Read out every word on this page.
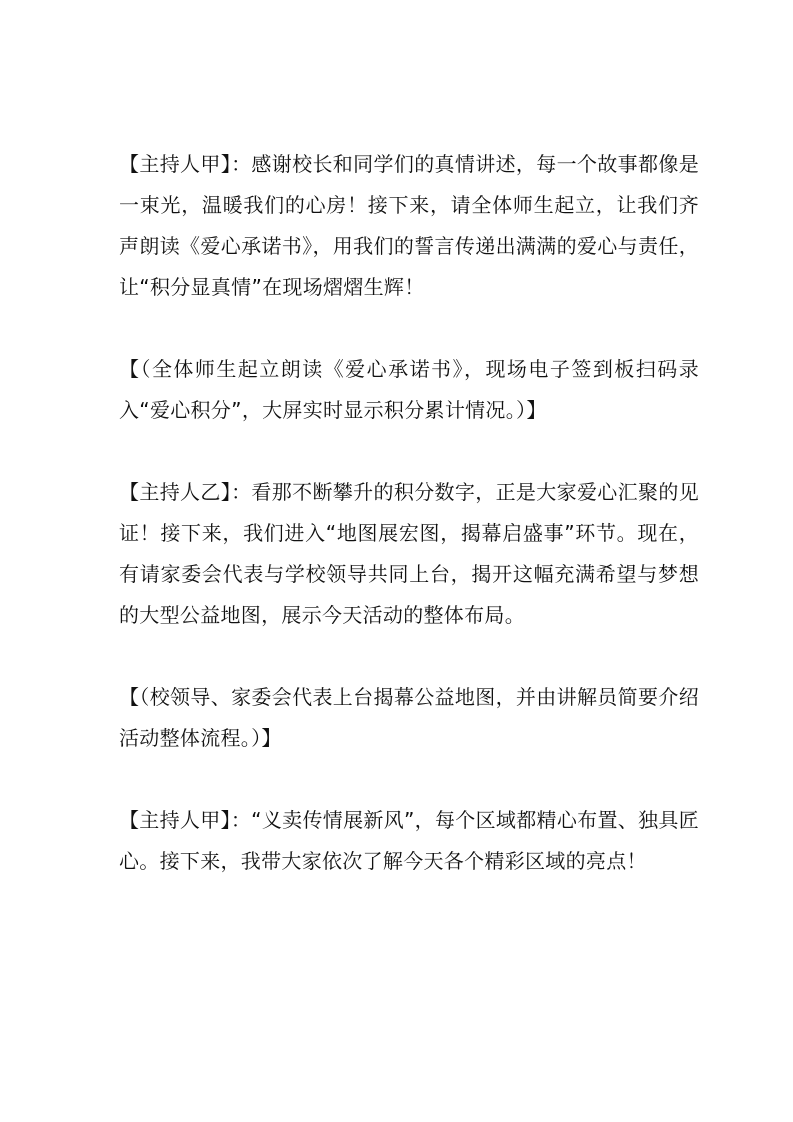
【主持人甲】：感谢校长和同学们的真情讲述，每一个故事都像是一束光，温暖我们的心房！接下来，请全体师生起立，让我们齐声朗读《爱心承诺书》，用我们的誓言传递出满满的爱心与责任，让“积分显真情”在现场熠熠生辉！

【（全体师生起立朗读《爱心承诺书》，现场电子签到板扫码录入“爱心积分”，大屏实时显示积分累计情况。）】

【主持人乙】：看那不断攀升的积分数字，正是大家爱心汇聚的见证！接下来，我们进入“地图展宏图，揭幕启盛事”环节。现在，有请家委会代表与学校领导共同上台，揭开这幅充满希望与梦想的大型公益地图，展示今天活动的整体布局。

【（校领导、家委会代表上台揭幕公益地图，并由讲解员简要介绍活动整体流程。）】

【主持人甲】：“义卖传情展新风”，每个区域都精心布置、独具匠心。接下来，我带大家依次了解今天各个精彩区域的亮点！
